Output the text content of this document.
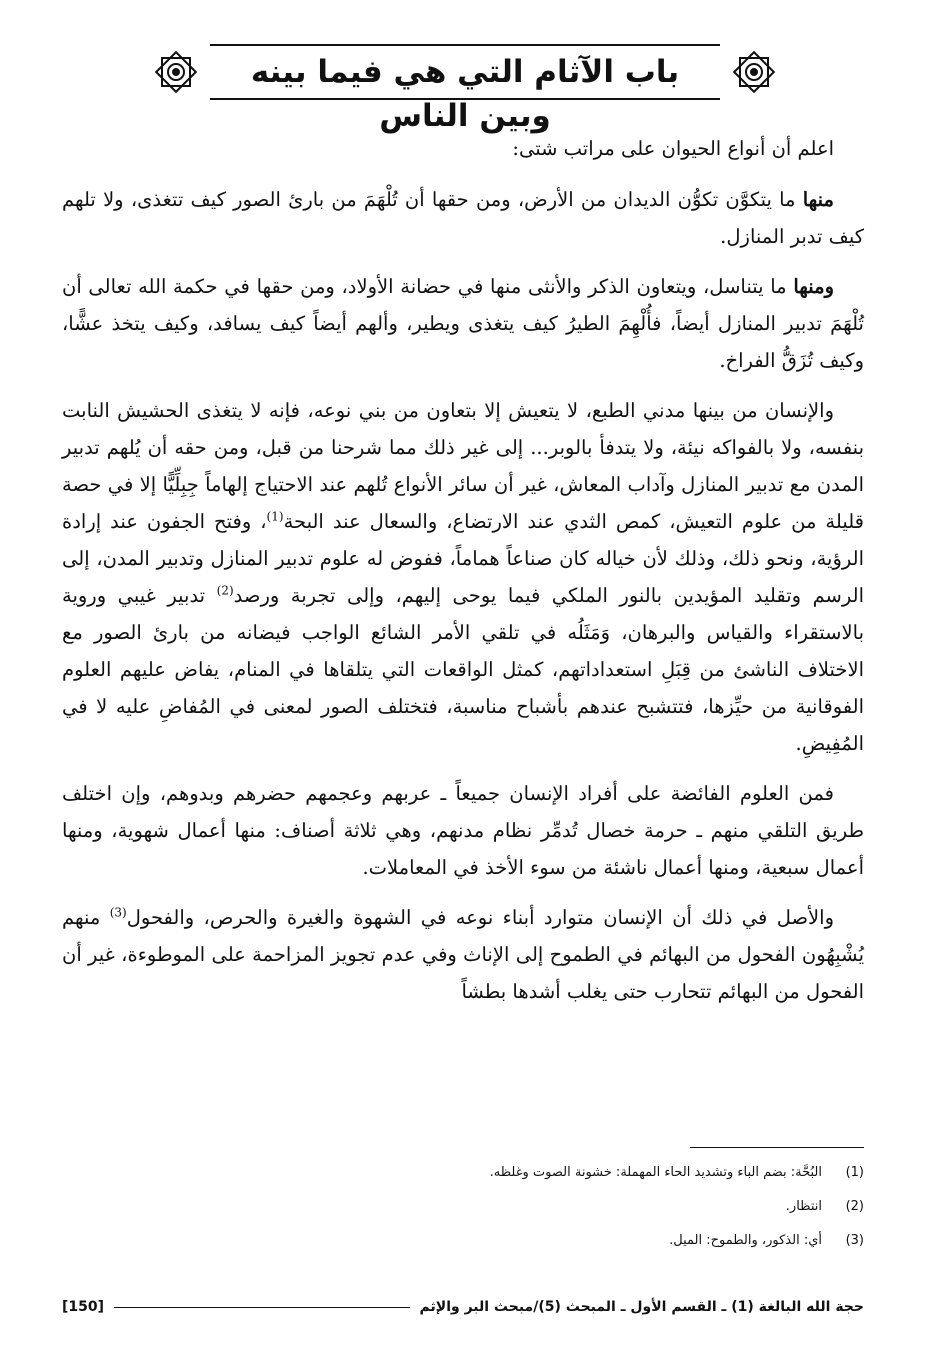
باب الآثام التي هي فيما بينه وبين الناس

اعلم أن أنواع الحيوان على مراتب شتى:

منها ما يتكوَّن تكوُّن الديدان من الأرض، ومن حقها أن تُلْهَمَ من بارئ الصور كيف تتغذى، ولا تلهم كيف تدبر المنازل.

ومنها ما يتناسل، ويتعاون الذكر والأنثى منها في حضانة الأولاد، ومن حقها في حكمة الله تعالى أن تُلْهَمَ تدبير المنازل أيضاً، فأُلْهِمَ الطيرُ كيف يتغذى ويطير، وألهم أيضاً كيف يسافد، وكيف يتخذ عشًّا، وكيف تُزَقُّ الفراخ.

والإنسان من بينها مدني الطبع، لا يتعيش إلا بتعاون من بني نوعه، فإنه لا يتغذى الحشيش النابت بنفسه، ولا بالفواكه نيئة، ولا يتدفأ بالوبر... إلى غير ذلك مما شرحنا من قبل، ومن حقه أن يُلهم تدبير المدن مع تدبير المنازل وآداب المعاش، غير أن سائر الأنواع تُلهم عند الاحتياج إلهاماً جِبِلِّيًّا إلا في حصة قليلة من علوم التعيش، كمص الثدي عند الارتضاع، والسعال عند البحة$^{(1)}$، وفتح الجفون عند إرادة الرؤية، ونحو ذلك، وذلك لأن خياله كان صناعاً هماماً، ففوض له علوم تدبير المنازل وتدبير المدن، إلى الرسم وتقليد المؤيدين بالنور الملكي فيما يوحى إليهم، وإلى تجربة ورصد$^{(2)}$ تدبير غيبي وروية بالاستقراء والقياس والبرهان، وَمَثَلُه في تلقي الأمر الشائع الواجب فيضانه من بارئ الصور مع الاختلاف الناشئ من قِبَلِ استعداداتهم، كمثل الواقعات التي يتلقاها في المنام، يفاض عليهم العلوم الفوقانية من حيِّزها، فتتشبح عندهم بأشباح مناسبة، فتختلف الصور لمعنى في المُفاضِ عليه لا في المُفِيضِ.

فمن العلوم الفائضة على أفراد الإنسان جميعاً ـ عربهم وعجمهم حضرهم وبدوهم، وإن اختلف طريق التلقي منهم ـ حرمة خصال تُدمِّر نظام مدنهم، وهي ثلاثة أصناف: منها أعمال شهوية، ومنها أعمال سبعية، ومنها أعمال ناشئة من سوء الأخذ في المعاملات.

والأصل في ذلك أن الإنسان متوارد أبناء نوعه في الشهوة والغيرة والحرص، والفحول$^{(3)}$ منهم يُشْبِهُون الفحول من البهائم في الطموح إلى الإناث وفي عدم تجويز المزاحمة على الموطوءة، غير أن الفحول من البهائم تتحارب حتى يغلب أشدها بطشاً

(1)
البُحَّة: بضم الباء وتشديد الحاء المهملة: خشونة الصوت وغلظه.
(2)
انتظار.
(3)
أي: الذكور، والطموح: الميل.
حجة الله البالغة (1) ـ القسم الأول ـ المبحث (5)/مبحث البر والإثم
[150]
